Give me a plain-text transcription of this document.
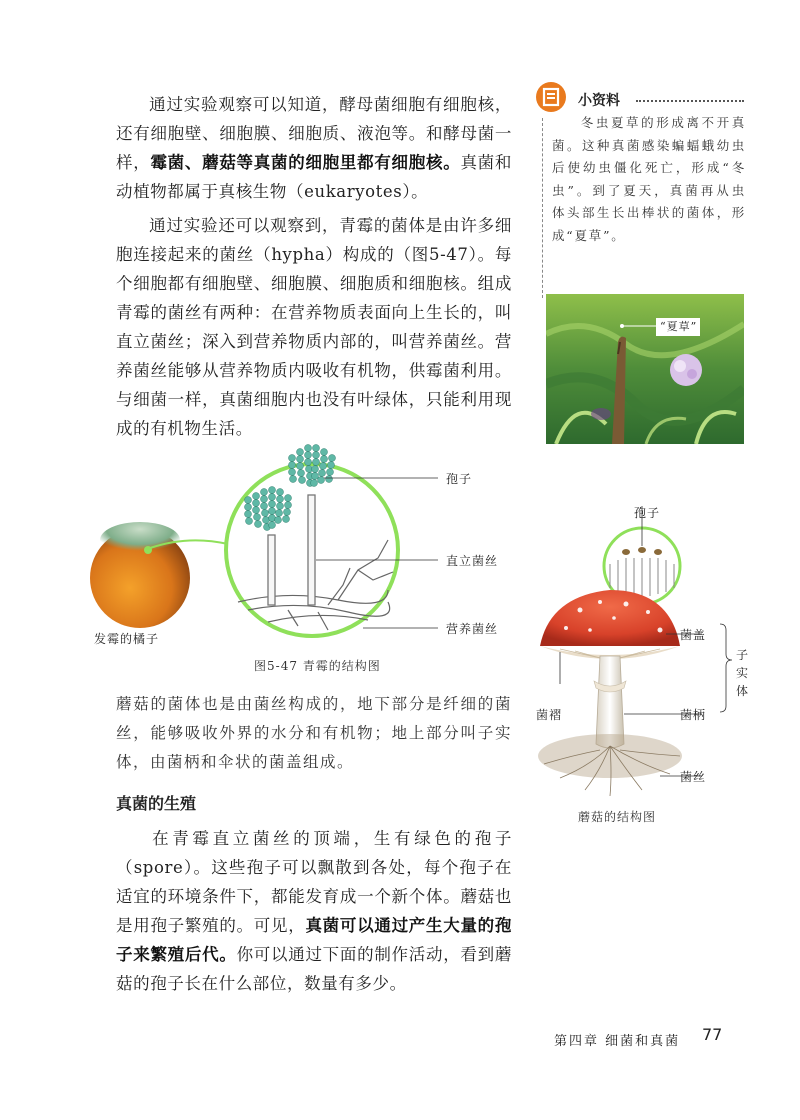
通过实验观察可以知道，酵母菌细胞有细胞核，还有细胞壁、细胞膜、细胞质、液泡等。和酵母菌一样，霉菌、蘑菇等真菌的细胞里都有细胞核。真菌和动植物都属于真核生物（eukaryotes）。
通过实验还可以观察到，青霉的菌体是由许多细胞连接起来的菌丝（hypha）构成的（图5-47）。每个细胞都有细胞壁、细胞膜、细胞质和细胞核。组成青霉的菌丝有两种：在营养物质表面向上生长的，叫直立菌丝；深入到营养物质内部的，叫营养菌丝。营养菌丝能够从营养物质内吸收有机物，供霉菌利用。与细菌一样，真菌细胞内也没有叶绿体，只能利用现成的有机物生活。
小资料
冬虫夏草的形成离不开真菌。这种真菌感染蝙蝠蛾幼虫后使幼虫僵化死亡，形成“冬虫”。到了夏天，真菌再从虫体头部生长出棒状的菌体，形成“夏草”。
“夏草”
孢子
直立菌丝
营养菌丝
发霉的橘子
图5-47 青霉的结构图
蘑菇的菌体也是由菌丝构成的，地下部分是纤细的菌丝，能够吸收外界的水分和有机物；地上部分叫子实体，由菌柄和伞状的菌盖组成。
孢子
菌盖
菌褶	菌柄
菌丝
子实体
蘑菇的结构图
真菌的生殖
在青霉直立菌丝的顶端，生有绿色的孢子（spore）。这些孢子可以飘散到各处，每个孢子在适宜的环境条件下，都能发育成一个新个体。蘑菇也是用孢子繁殖的。可见，真菌可以通过产生大量的孢子来繁殖后代。你可以通过下面的制作活动，看到蘑菇的孢子长在什么部位，数量有多少。
第四章 细菌和真菌 77
